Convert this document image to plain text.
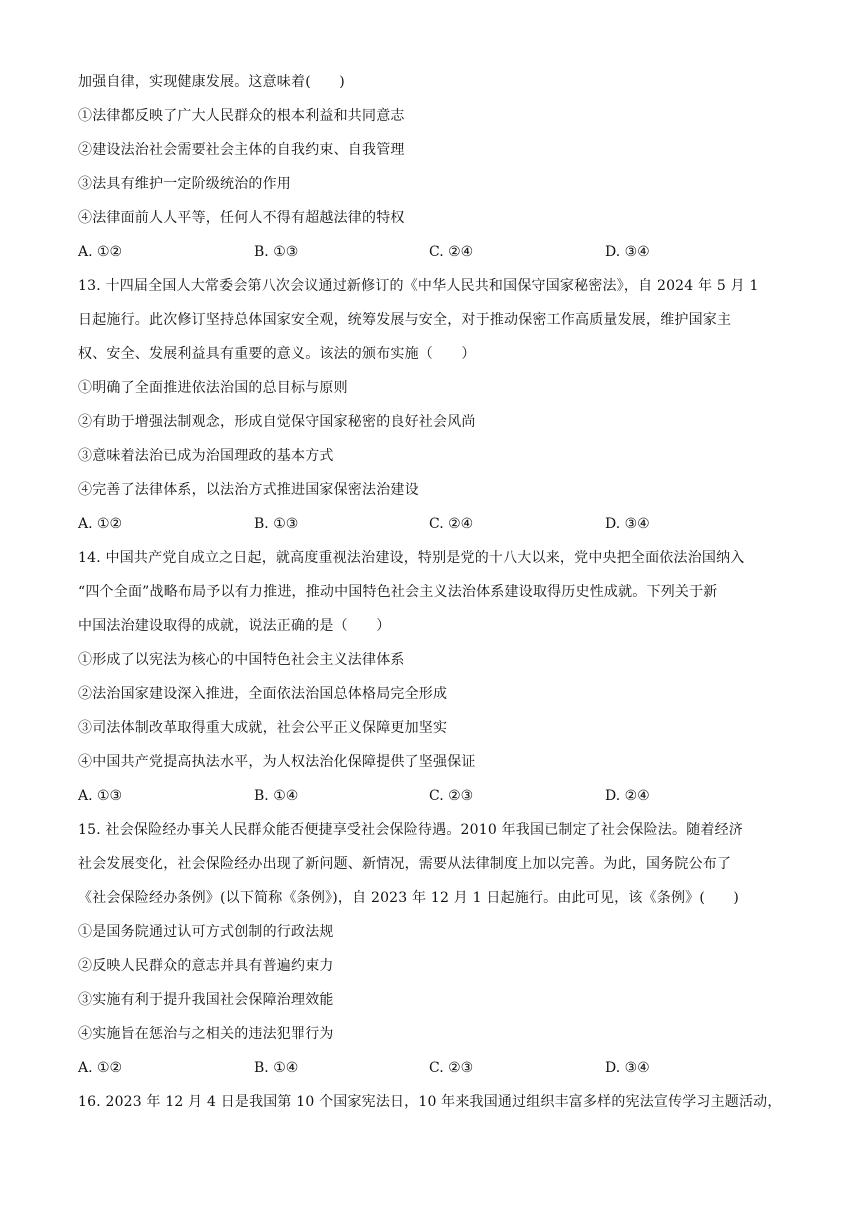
加强自律，实现健康发展。这意味着(　　)
①法律都反映了广大人民群众的根本利益和共同意志
②建设法治社会需要社会主体的自我约束、自我管理
③法具有维护一定阶级统治的作用
④法律面前人人平等，任何人不得有超越法律的特权
A. ①②	B. ①③	C. ②④	D. ③④
13. 十四届全国人大常委会第八次会议通过新修订的《中华人民共和国保守国家秘密法》，自 2024 年 5 月 1
日起施行。此次修订坚持总体国家安全观，统筹发展与安全，对于推动保密工作高质量发展，维护国家主
权、安全、发展利益具有重要的意义。该法的颁布实施（　　）
①明确了全面推进依法治国的总目标与原则
②有助于增强法制观念，形成自觉保守国家秘密的良好社会风尚
③意味着法治已成为治国理政的基本方式
④完善了法律体系，以法治方式推进国家保密法治建设
A. ①②	B. ①③	C. ②④	D. ③④
14. 中国共产党自成立之日起，就高度重视法治建设，特别是党的十八大以来，党中央把全面依法治国纳入
“四个全面”战略布局予以有力推进，推动中国特色社会主义法治体系建设取得历史性成就。下列关于新
中国法治建设取得的成就，说法正确的是（　　）
①形成了以宪法为核心的中国特色社会主义法律体系
②法治国家建设深入推进，全面依法治国总体格局完全形成
③司法体制改革取得重大成就，社会公平正义保障更加坚实
④中国共产党提高执法水平，为人权法治化保障提供了坚强保证
A. ①③	B. ①④	C. ②③	D. ②④
15. 社会保险经办事关人民群众能否便捷享受社会保险待遇。2010 年我国已制定了社会保险法。随着经济
社会发展变化，社会保险经办出现了新问题、新情况，需要从法律制度上加以完善。为此，国务院公布了
《社会保险经办条例》(以下简称《条例》)，自 2023 年 12 月 1 日起施行。由此可见，该《条例》(　　)
①是国务院通过认可方式创制的行政法规
②反映人民群众的意志并具有普遍约束力
③实施有利于提升我国社会保障治理效能
④实施旨在惩治与之相关的违法犯罪行为
A. ①②	B. ①④	C. ②③	D. ③④
16. 2023 年 12 月 4 日是我国第 10 个国家宪法日，10 年来我国通过组织丰富多样的宪法宣传学习主题活动，
